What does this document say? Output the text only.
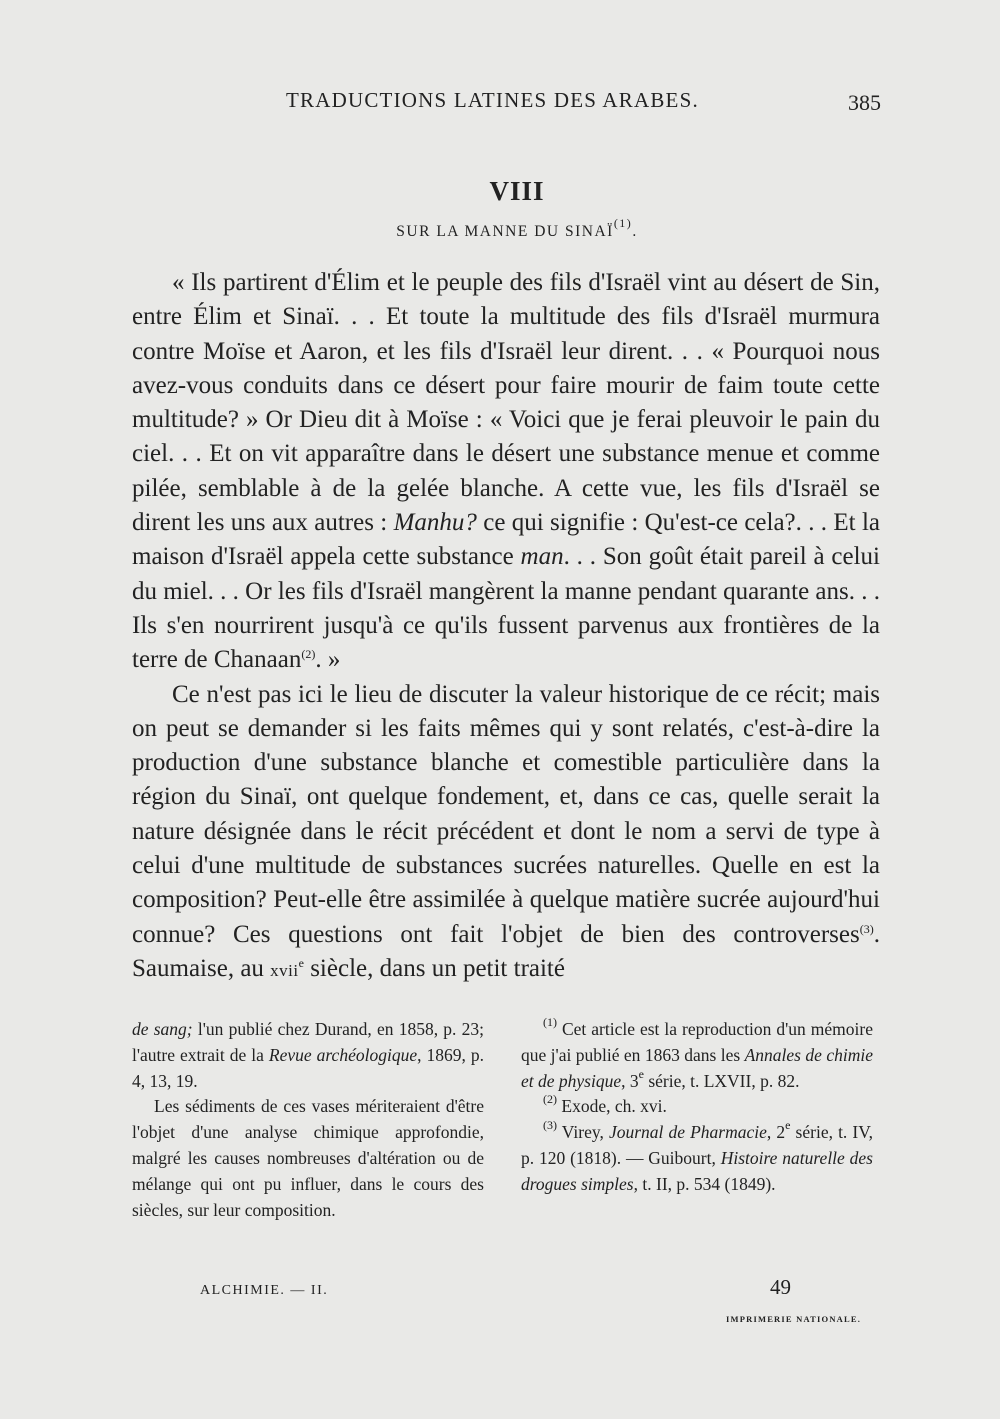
TRADUCTIONS LATINES DES ARABES.	385
VIII
SUR LA MANNE DU SINAÏ$^{(1)}$.

« Ils partirent d'Élim et le peuple des fils d'Israël vint au désert de Sin, entre Élim et Sinaï. . . Et toute la multitude des fils d'Israël murmura contre Moïse et Aaron, et les fils d'Israël leur dirent. . . « Pourquoi nous avez-vous conduits dans ce désert pour faire mourir de faim toute cette multitude? » Or Dieu dit à Moïse : « Voici que je ferai pleuvoir le pain du ciel. . . Et on vit apparaître dans le désert une substance menue et comme pilée, semblable à de la gelée blanche. A cette vue, les fils d'Israël se dirent les uns aux autres : Manhu? ce qui signifie : Qu'est-ce cela?. . . Et la maison d'Israël appela cette substance man. . . Son goût était pareil à celui du miel. . . Or les fils d'Israël mangèrent la manne pendant quarante ans. . . Ils s'en nourrirent jusqu'à ce qu'ils fussent parvenus aux frontières de la terre de Chanaan$^{(2)}$. »

Ce n'est pas ici le lieu de discuter la valeur historique de ce récit; mais on peut se demander si les faits mêmes qui y sont relatés, c'est-à-dire la production d'une substance blanche et comestible particulière dans la région du Sinaï, ont quelque fondement, et, dans ce cas, quelle serait la nature désignée dans le récit précédent et dont le nom a servi de type à celui d'une multitude de substances sucrées naturelles. Quelle en est la composition? Peut-elle être assimilée à quelque matière sucrée aujourd'hui connue? Ces questions ont fait l'objet de bien des controverses$^{(3)}$. Saumaise, au xvii$^e$ siècle, dans un petit traité

de sang; l'un publié chez Durand, en 1858, p. 23; l'autre extrait de la Revue archéologique, 1869, p. 4, 13, 19.

Les sédiments de ces vases mériteraient d'être l'objet d'une analyse chimique approfondie, malgré les causes nombreuses d'altération ou de mélange qui ont pu influer, dans le cours des siècles, sur leur composition.

$^{(1)}$ Cet article est la reproduction d'un mémoire que j'ai publié en 1863 dans les Annales de chimie et de physique, 3e série, t. LXVII, p. 82.

$^{(2)}$ Exode, ch. xvi.

$^{(3)}$ Virey, Journal de Pharmacie, 2e série, t. IV, p. 120 (1818). — Guibourt, Histoire naturelle des drogues simples, t. II, p. 534 (1849).

ALCHIMIE. — II.	49
IMPRIMERIE NATIONALE.
